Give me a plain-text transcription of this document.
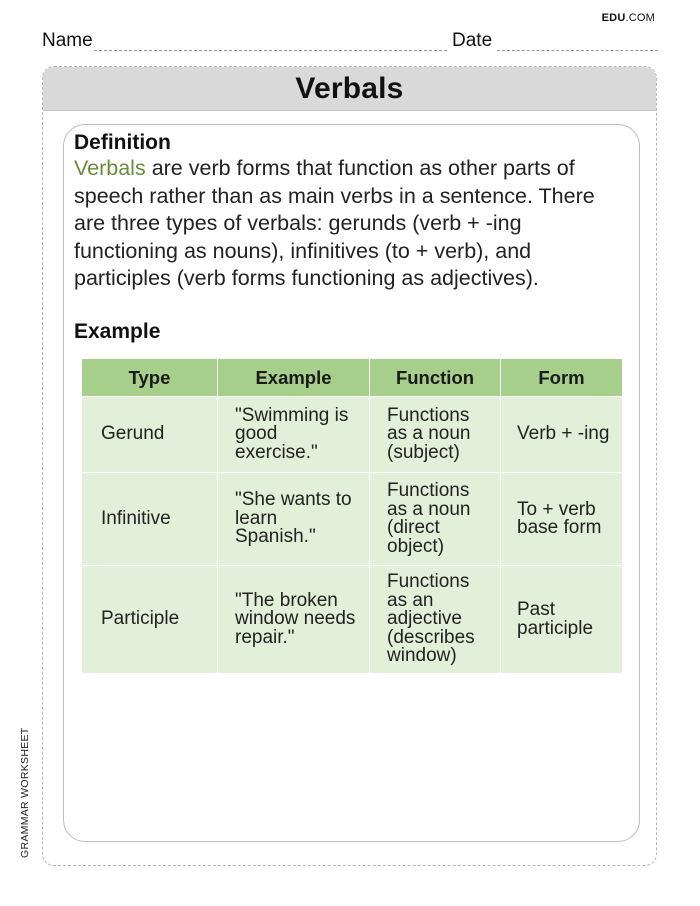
EDU.COM
Name	Date
GRAMMAR WORKSHEET
Verbals
Definition
Verbals are verb forms that function as other parts of speech rather than as main verbs in a sentence. There are three types of verbals: gerunds (verb + -ing functioning as nouns), infinitives (to + verb), and participles (verb forms functioning as adjectives).
Example
Type	Example	Function	Form
Gerund	"Swimming is good exercise."	Functions as a noun (subject)	Verb + -ing
Infinitive	"She wants to learn Spanish."	Functions as a noun (direct object)	To + verb base form
Participle	"The broken window needs repair."	Functions as an adjective (describes window)	Past participle
